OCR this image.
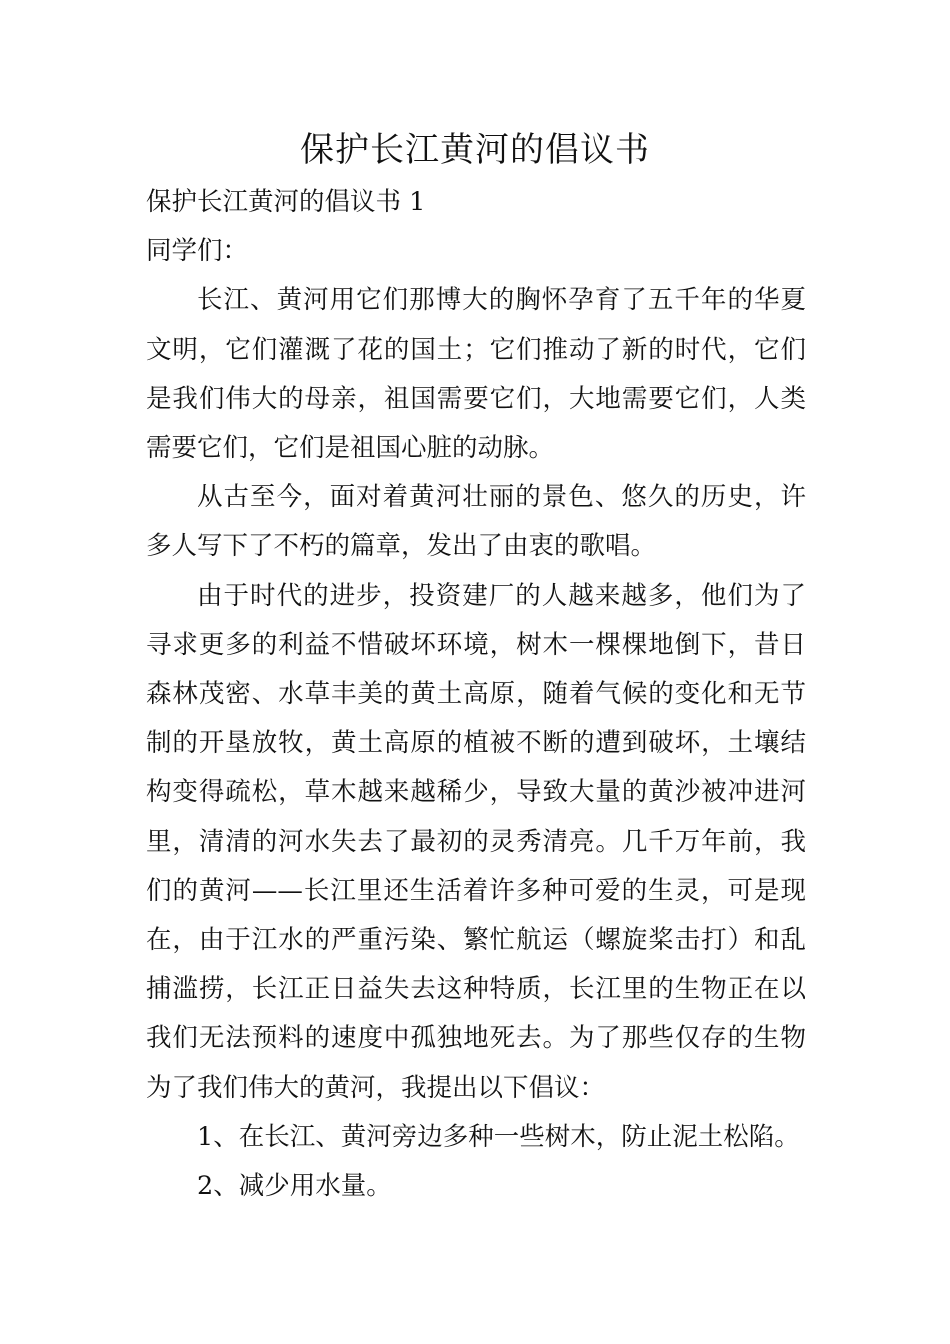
保护长江黄河的倡议书

保护长江黄河的倡议书 1

同学们：

长江、黄河用它们那博大的胸怀孕育了五千年的华夏文明，它们灌溉了花的国土；它们推动了新的时代，它们是我们伟大的母亲，祖国需要它们，大地需要它们，人类需要它们，它们是祖国心脏的动脉。

从古至今，面对着黄河壮丽的景色、悠久的历史，许多人写下了不朽的篇章，发出了由衷的歌唱。

由于时代的进步，投资建厂的人越来越多，他们为了寻求更多的利益不惜破坏环境，树木一棵棵地倒下，昔日森林茂密、水草丰美的黄土高原，随着气候的变化和无节制的开垦放牧，黄土高原的植被不断的遭到破坏，土壤结构变得疏松，草木越来越稀少，导致大量的黄沙被冲进河里，清清的河水失去了最初的灵秀清亮。几千万年前，我们的黄河——长江里还生活着许多种可爱的生灵，可是现在，由于江水的严重污染、繁忙航运（螺旋桨击打）和乱捕滥捞，长江正日益失去这种特质，长江里的生物正在以我们无法预料的速度中孤独地死去。为了那些仅存的生物为了我们伟大的黄河，我提出以下倡议：

1、在长江、黄河旁边多种一些树木，防止泥土松陷。

2、减少用水量。
